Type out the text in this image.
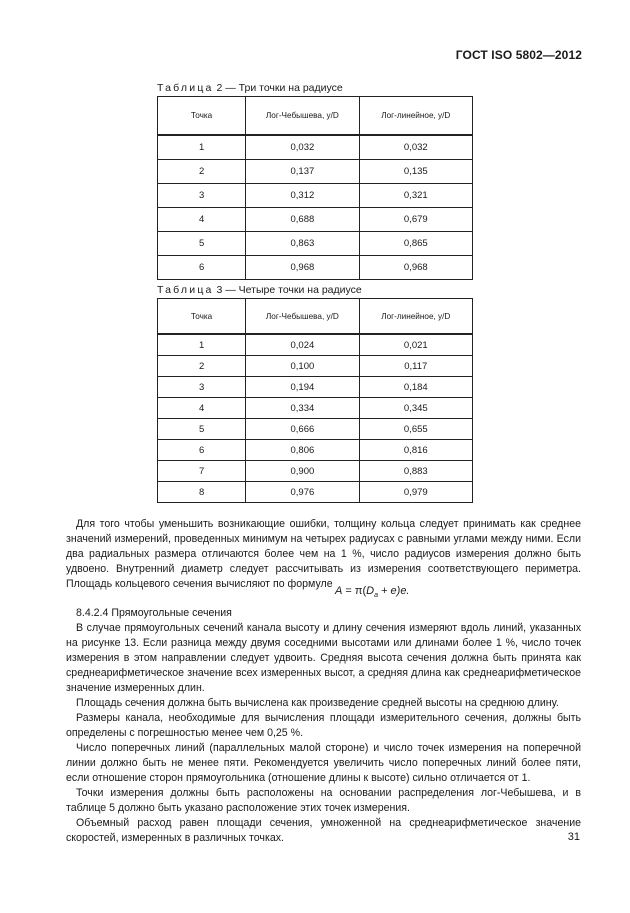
ГОСТ ISO 5802—2012
Таблица 2 — Три точки на радиусе
Точка	Лог-Чебышева, y/D	Лог-линейное, y/D
1	0,032	0,032
2	0,137	0,135
3	0,312	0,321
4	0,688	0,679
5	0,863	0,865
6	0,968	0,968
Таблица 3 — Четыре точки на радиусе
Точка	Лог-Чебышева, y/D	Лог-линейное, y/D
1	0,024	0,021
2	0,100	0,117
3	0,194	0,184
4	0,334	0,345
5	0,666	0,655
6	0,806	0,816
7	0,900	0,883
8	0,976	0,979

Для того чтобы уменьшить возникающие ошибки, толщину кольца следует принимать как среднее значений измерений, проведенных минимум на четырех радиусах с равными углами между ними. Если два радиальных размера отличаются более чем на 1 %, число радиусов измерения должно быть удвоено. Внутренний диаметр следует рассчитывать из измерения соответствующего периметра. Площадь кольцевого сечения вычисляют по формуле

$A = \pi(D_a + e)e$.

8.4.2.4 Прямоугольные сечения

В случае прямоугольных сечений канала высоту и длину сечения измеряют вдоль линий, указанных на рисунке 13. Если разница между двумя соседними высотами или длинами более 1 %, число точек измерения в этом направлении следует удвоить. Средняя высота сечения должна быть принята как среднеарифметическое значение всех измеренных высот, а средняя длина как среднеарифметическое значение измеренных длин.

Площадь сечения должна быть вычислена как произведение средней высоты на среднюю длину.

Размеры канала, необходимые для вычисления площади измерительного сечения, должны быть определены с погрешностью менее чем 0,25 %.

Число поперечных линий (параллельных малой стороне) и число точек измерения на поперечной линии должно быть не менее пяти. Рекомендуется увеличить число поперечных линий более пяти, если отношение сторон прямоугольника (отношение длины к высоте) сильно отличается от 1.

Точки измерения должны быть расположены на основании распределения лог-Чебышева, и в таблице 5 должно быть указано расположение этих точек измерения.

Объемный расход равен площади сечения, умноженной на среднеарифметическое значение скоростей, измеренных в различных точках.	31
